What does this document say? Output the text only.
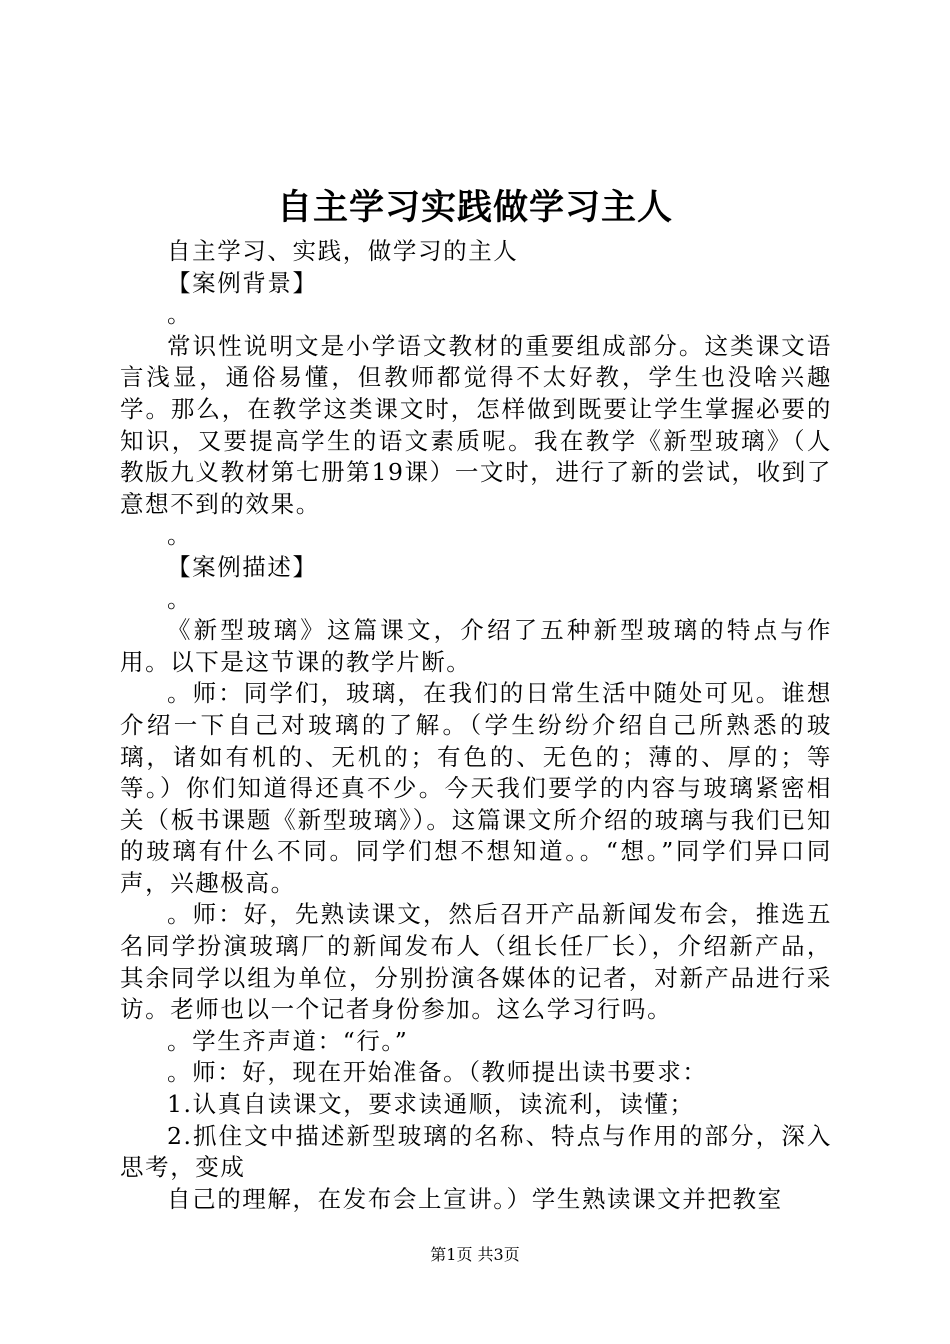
自主学习实践做学习主人

自主学习、实践，做学习的主人

【案例背景】

。

常识性说明文是小学语文教材的重要组成部分。这类课文语言浅显，通俗易懂，但教师都觉得不太好教，学生也没啥兴趣学。那么，在教学这类课文时，怎样做到既要让学生掌握必要的知识，又要提高学生的语文素质呢。我在教学《新型玻璃》（人教版九义教材第七册第19课）一文时，进行了新的尝试，收到了意想不到的效果。

。

【案例描述】

。

《新型玻璃》这篇课文，介绍了五种新型玻璃的特点与作用。以下是这节课的教学片断。

。师：同学们，玻璃，在我们的日常生活中随处可见。谁想介绍一下自己对玻璃的了解。（学生纷纷介绍自己所熟悉的玻璃，诸如有机的、无机的；有色的、无色的；薄的、厚的；等等。）你们知道得还真不少。今天我们要学的内容与玻璃紧密相关（板书课题《新型玻璃》）。这篇课文所介绍的玻璃与我们已知的玻璃有什么不同。同学们想不想知道。。“想。”同学们异口同声，兴趣极高。

。师：好，先熟读课文，然后召开产品新闻发布会，推选五名同学扮演玻璃厂的新闻发布人（组长任厂长），介绍新产品，其余同学以组为单位，分别扮演各媒体的记者，对新产品进行采访。老师也以一个记者身份参加。这么学习行吗。

。学生齐声道：“行。”

。师：好，现在开始准备。（教师提出读书要求：

1.认真自读课文，要求读通顺，读流利，读懂；

2.抓住文中描述新型玻璃的名称、特点与作用的部分，深入思考，变成

自己的理解，在发布会上宣讲。）学生熟读课文并把教室

第1页 共3页
